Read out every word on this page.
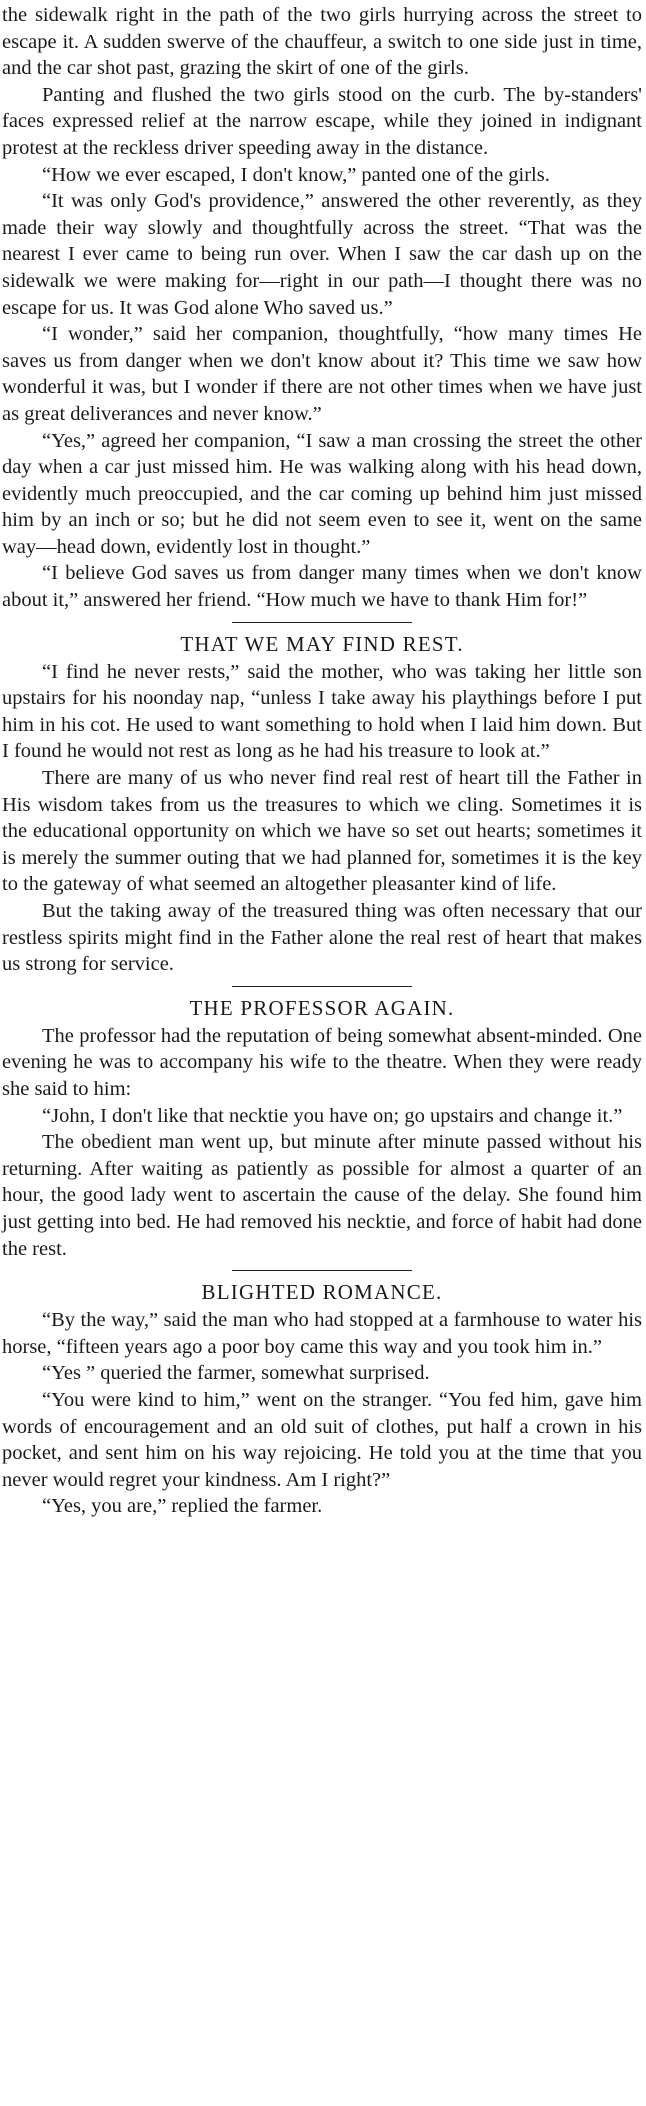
the sidewalk right in the path of the two girls hurrying across the street to escape it. A sudden swerve of the chauffeur, a switch to one side just in time, and the car shot past, grazing the skirt of one of the girls.

Panting and flushed the two girls stood on the curb. The by-standers' faces expressed relief at the narrow escape, while they joined in indignant protest at the reckless driver speeding away in the distance.

“How we ever escaped, I don't know,” panted one of the girls.

“It was only God's providence,” answered the other reverently, as they made their way slowly and thoughtfully across the street. “That was the nearest I ever came to being run over. When I saw the car dash up on the sidewalk we were making for—right in our path—I thought there was no escape for us. It was God alone Who saved us.”

“I wonder,” said her companion, thoughtfully, “how many times He saves us from danger when we don't know about it? This time we saw how wonderful it was, but I wonder if there are not other times when we have just as great deliverances and never know.”

“Yes,” agreed her companion, “I saw a man crossing the street the other day when a car just missed him. He was walking along with his head down, evidently much preoccupied, and the car coming up behind him just missed him by an inch or so; but he did not seem even to see it, went on the same way—head down, evidently lost in thought.”

“I believe God saves us from danger many times when we don't know about it,” answered her friend. “How much we have to thank Him for!”

THAT WE MAY FIND REST.

“I find he never rests,” said the mother, who was taking her little son upstairs for his noonday nap, “unless I take away his playthings before I put him in his cot. He used to want something to hold when I laid him down. But I found he would not rest as long as he had his treasure to look at.”

There are many of us who never find real rest of heart till the Father in His wisdom takes from us the treasures to which we cling. Sometimes it is the educational opportunity on which we have so set out hearts; sometimes it is merely the summer outing that we had planned for, sometimes it is the key to the gateway of what seemed an altogether pleasanter kind of life.

But the taking away of the treasured thing was often necessary that our restless spirits might find in the Father alone the real rest of heart that makes us strong for service.

THE PROFESSOR AGAIN.

The professor had the reputation of being somewhat absent-minded. One evening he was to accompany his wife to the theatre. When they were ready she said to him:

“John, I don't like that necktie you have on; go upstairs and change it.”

The obedient man went up, but minute after minute passed without his returning. After waiting as patiently as possible for almost a quarter of an hour, the good lady went to ascertain the cause of the delay. She found him just getting into bed. He had removed his necktie, and force of habit had done the rest.

BLIGHTED ROMANCE.

“By the way,” said the man who had stopped at a farmhouse to water his horse, “fifteen years ago a poor boy came this way and you took him in.”

“Yes ” queried the farmer, somewhat surprised.

“You were kind to him,” went on the stranger. “You fed him, gave him words of encouragement and an old suit of clothes, put half a crown in his pocket, and sent him on his way rejoicing. He told you at the time that you never would regret your kindness. Am I right?”

“Yes, you are,” replied the farmer.
